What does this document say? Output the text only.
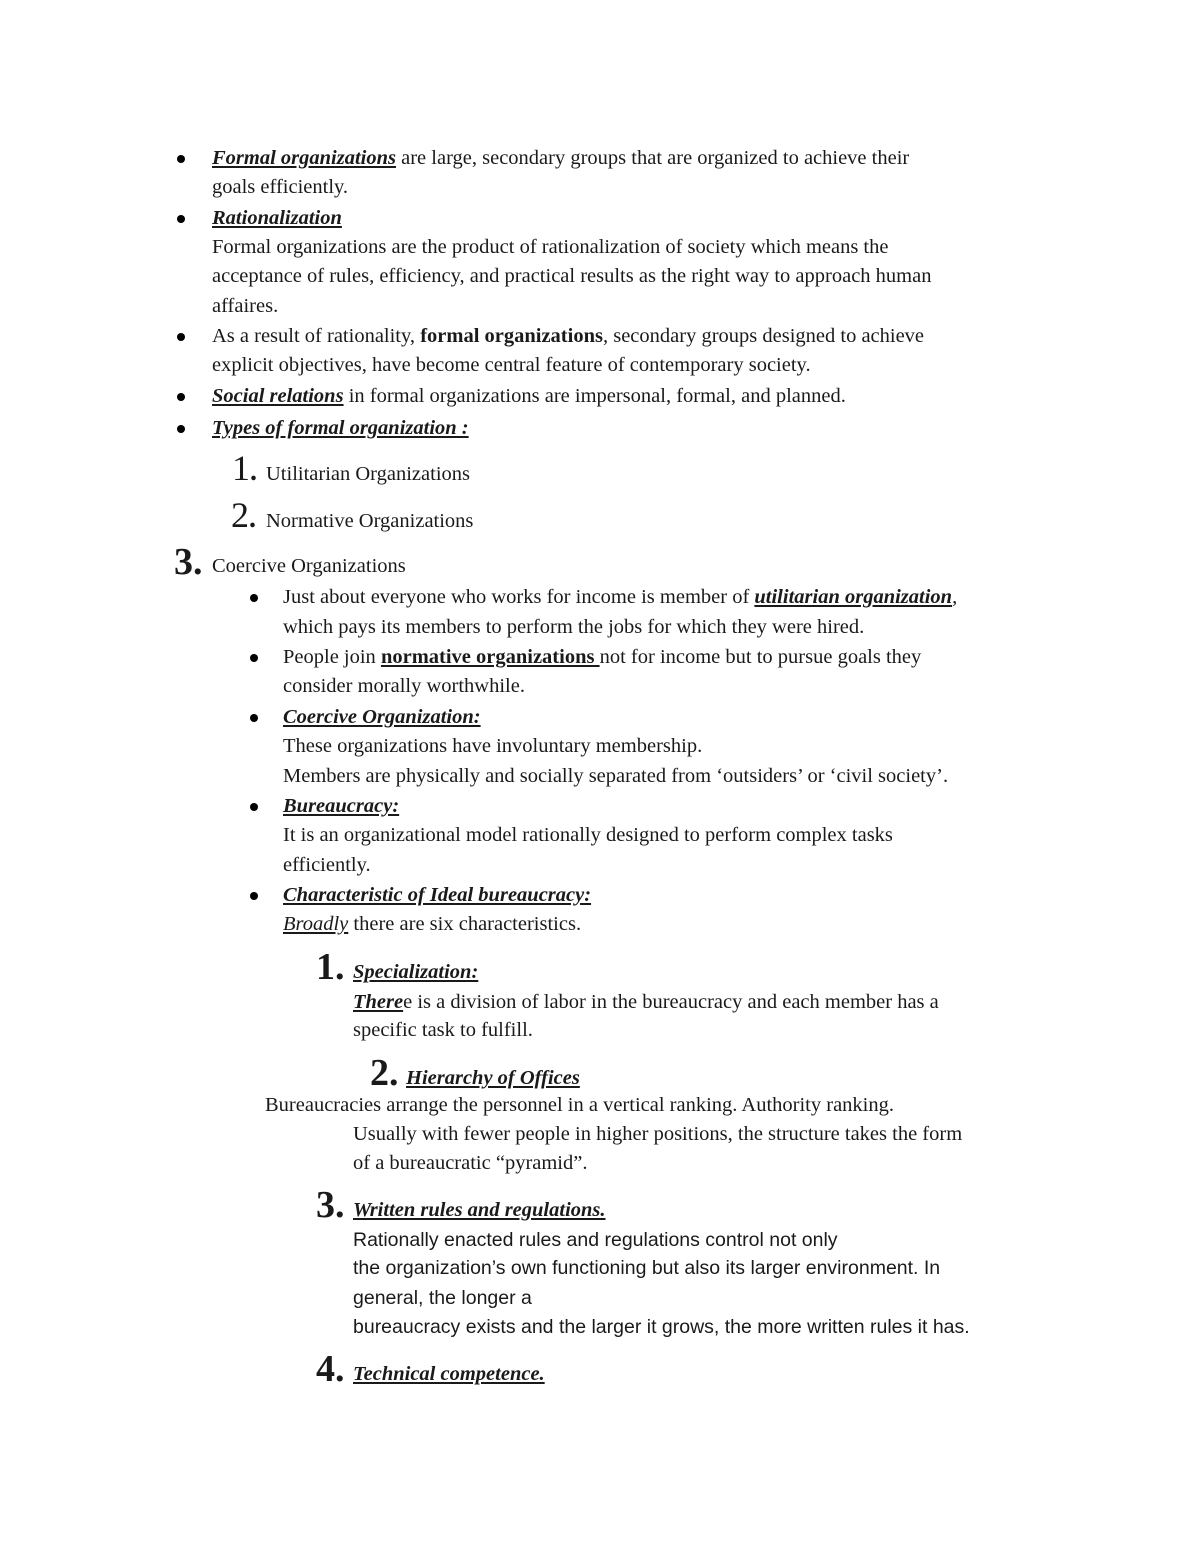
Formal organizations are large, secondary groups that are organized to achieve their
goals efficiently.
Rationalization
Formal organizations are the product of rationalization of society which means the
acceptance of rules, efficiency, and practical results as the right way to approach human
affaires.
As a result of rationality, formal organizations, secondary groups designed to achieve
explicit objectives, have become central feature of contemporary society.
Social relations in formal organizations are impersonal, formal, and planned.
Types of formal organization :
1. Utilitarian Organizations
2. Normative Organizations
3. Coercive Organizations
Just about everyone who works for income is member of utilitarian organization,
which pays its members to perform the jobs for which they were hired.
People join normative organizations not for income but to pursue goals they
consider morally worthwhile.
Coercive Organization:
These organizations have involuntary membership.
Members are physically and socially separated from ‘outsiders’ or ‘civil society’.
Bureaucracy:
It is an organizational model rationally designed to perform complex tasks
efficiently.
Characteristic of Ideal bureaucracy:
Broadly there are six characteristics.
1. Specialization:
Theree is a division of labor in the bureaucracy and each member has a
specific task to fulfill.
2. Hierarchy of Offices
Bureaucracies arrange the personnel in a vertical ranking. Authority ranking.
Usually with fewer people in higher positions, the structure takes the form
of a bureaucratic “pyramid”.
3. Written rules and regulations.
Rationally enacted rules and regulations control not only
the organization’s own functioning but also its larger environment. In
general, the longer a
bureaucracy exists and the larger it grows, the more written rules it has.
4. Technical competence.
